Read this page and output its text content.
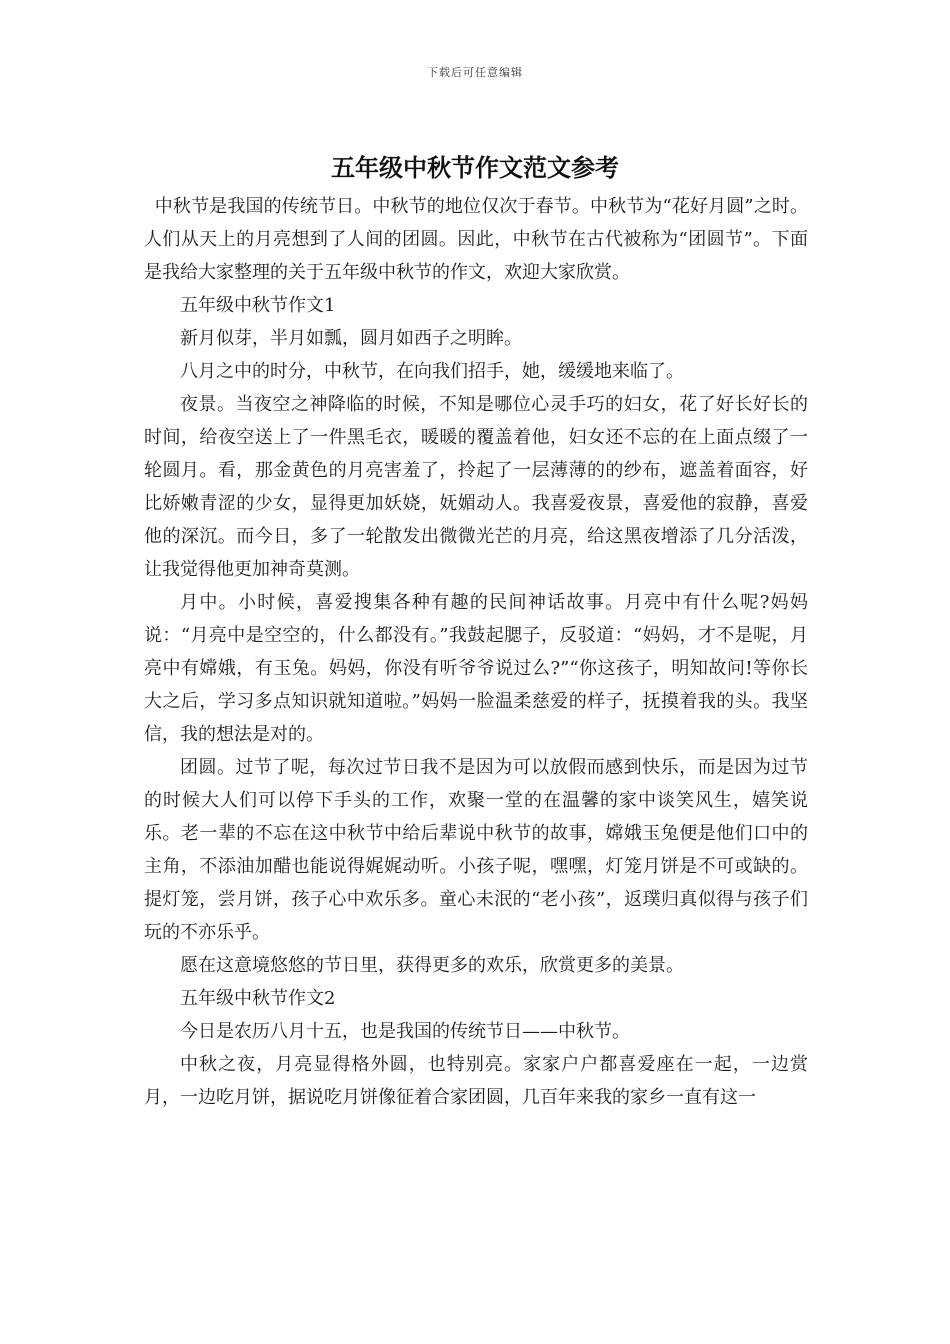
下载后可任意编辑
五年级中秋节作文范文参考

中秋节是我国的传统节日。中秋节的地位仅次于春节。中秋节为“花好月圆”之时。人们从天上的月亮想到了人间的团圆。因此，中秋节在古代被称为“团圆节”。下面是我给大家整理的关于五年级中秋节的作文，欢迎大家欣赏。

五年级中秋节作文1

新月似芽，半月如瓢，圆月如西子之明眸。

八月之中的时分，中秋节，在向我们招手，她，缓缓地来临了。

夜景。当夜空之神降临的时候，不知是哪位心灵手巧的妇女，花了好长好长的时间，给夜空送上了一件黑毛衣，暖暖的覆盖着他，妇女还不忘的在上面点缀了一轮圆月。看，那金黄色的月亮害羞了，拎起了一层薄薄的的纱布，遮盖着面容，好比娇嫩青涩的少女，显得更加妖娆，妩媚动人。我喜爱夜景，喜爱他的寂静，喜爱他的深沉。而今日，多了一轮散发出微微光芒的月亮，给这黑夜增添了几分活泼，让我觉得他更加神奇莫测。

月中。小时候，喜爱搜集各种有趣的民间神话故事。月亮中有什么呢?妈妈说：“月亮中是空空的，什么都没有。”我鼓起腮子，反驳道：“妈妈，才不是呢，月亮中有嫦娥，有玉兔。妈妈，你没有听爷爷说过么?”“你这孩子，明知故问!等你长大之后，学习多点知识就知道啦。”妈妈一脸温柔慈爱的样子，抚摸着我的头。我坚信，我的想法是对的。

团圆。过节了呢，每次过节日我不是因为可以放假而感到快乐，而是因为过节的时候大人们可以停下手头的工作，欢聚一堂的在温馨的家中谈笑风生，嬉笑说乐。老一辈的不忘在这中秋节中给后辈说中秋节的故事，嫦娥玉兔便是他们口中的主角，不添油加醋也能说得娓娓动听。小孩子呢，嘿嘿，灯笼月饼是不可或缺的。提灯笼，尝月饼，孩子心中欢乐多。童心未泯的“老小孩”，返璞归真似得与孩子们玩的不亦乐乎。

愿在这意境悠悠的节日里，获得更多的欢乐，欣赏更多的美景。

五年级中秋节作文2

今日是农历八月十五，也是我国的传统节日——中秋节。

中秋之夜，月亮显得格外圆，也特别亮。家家户户都喜爱座在一起，一边赏月，一边吃月饼，据说吃月饼像征着合家团圆，几百年来我的家乡一直有这一
